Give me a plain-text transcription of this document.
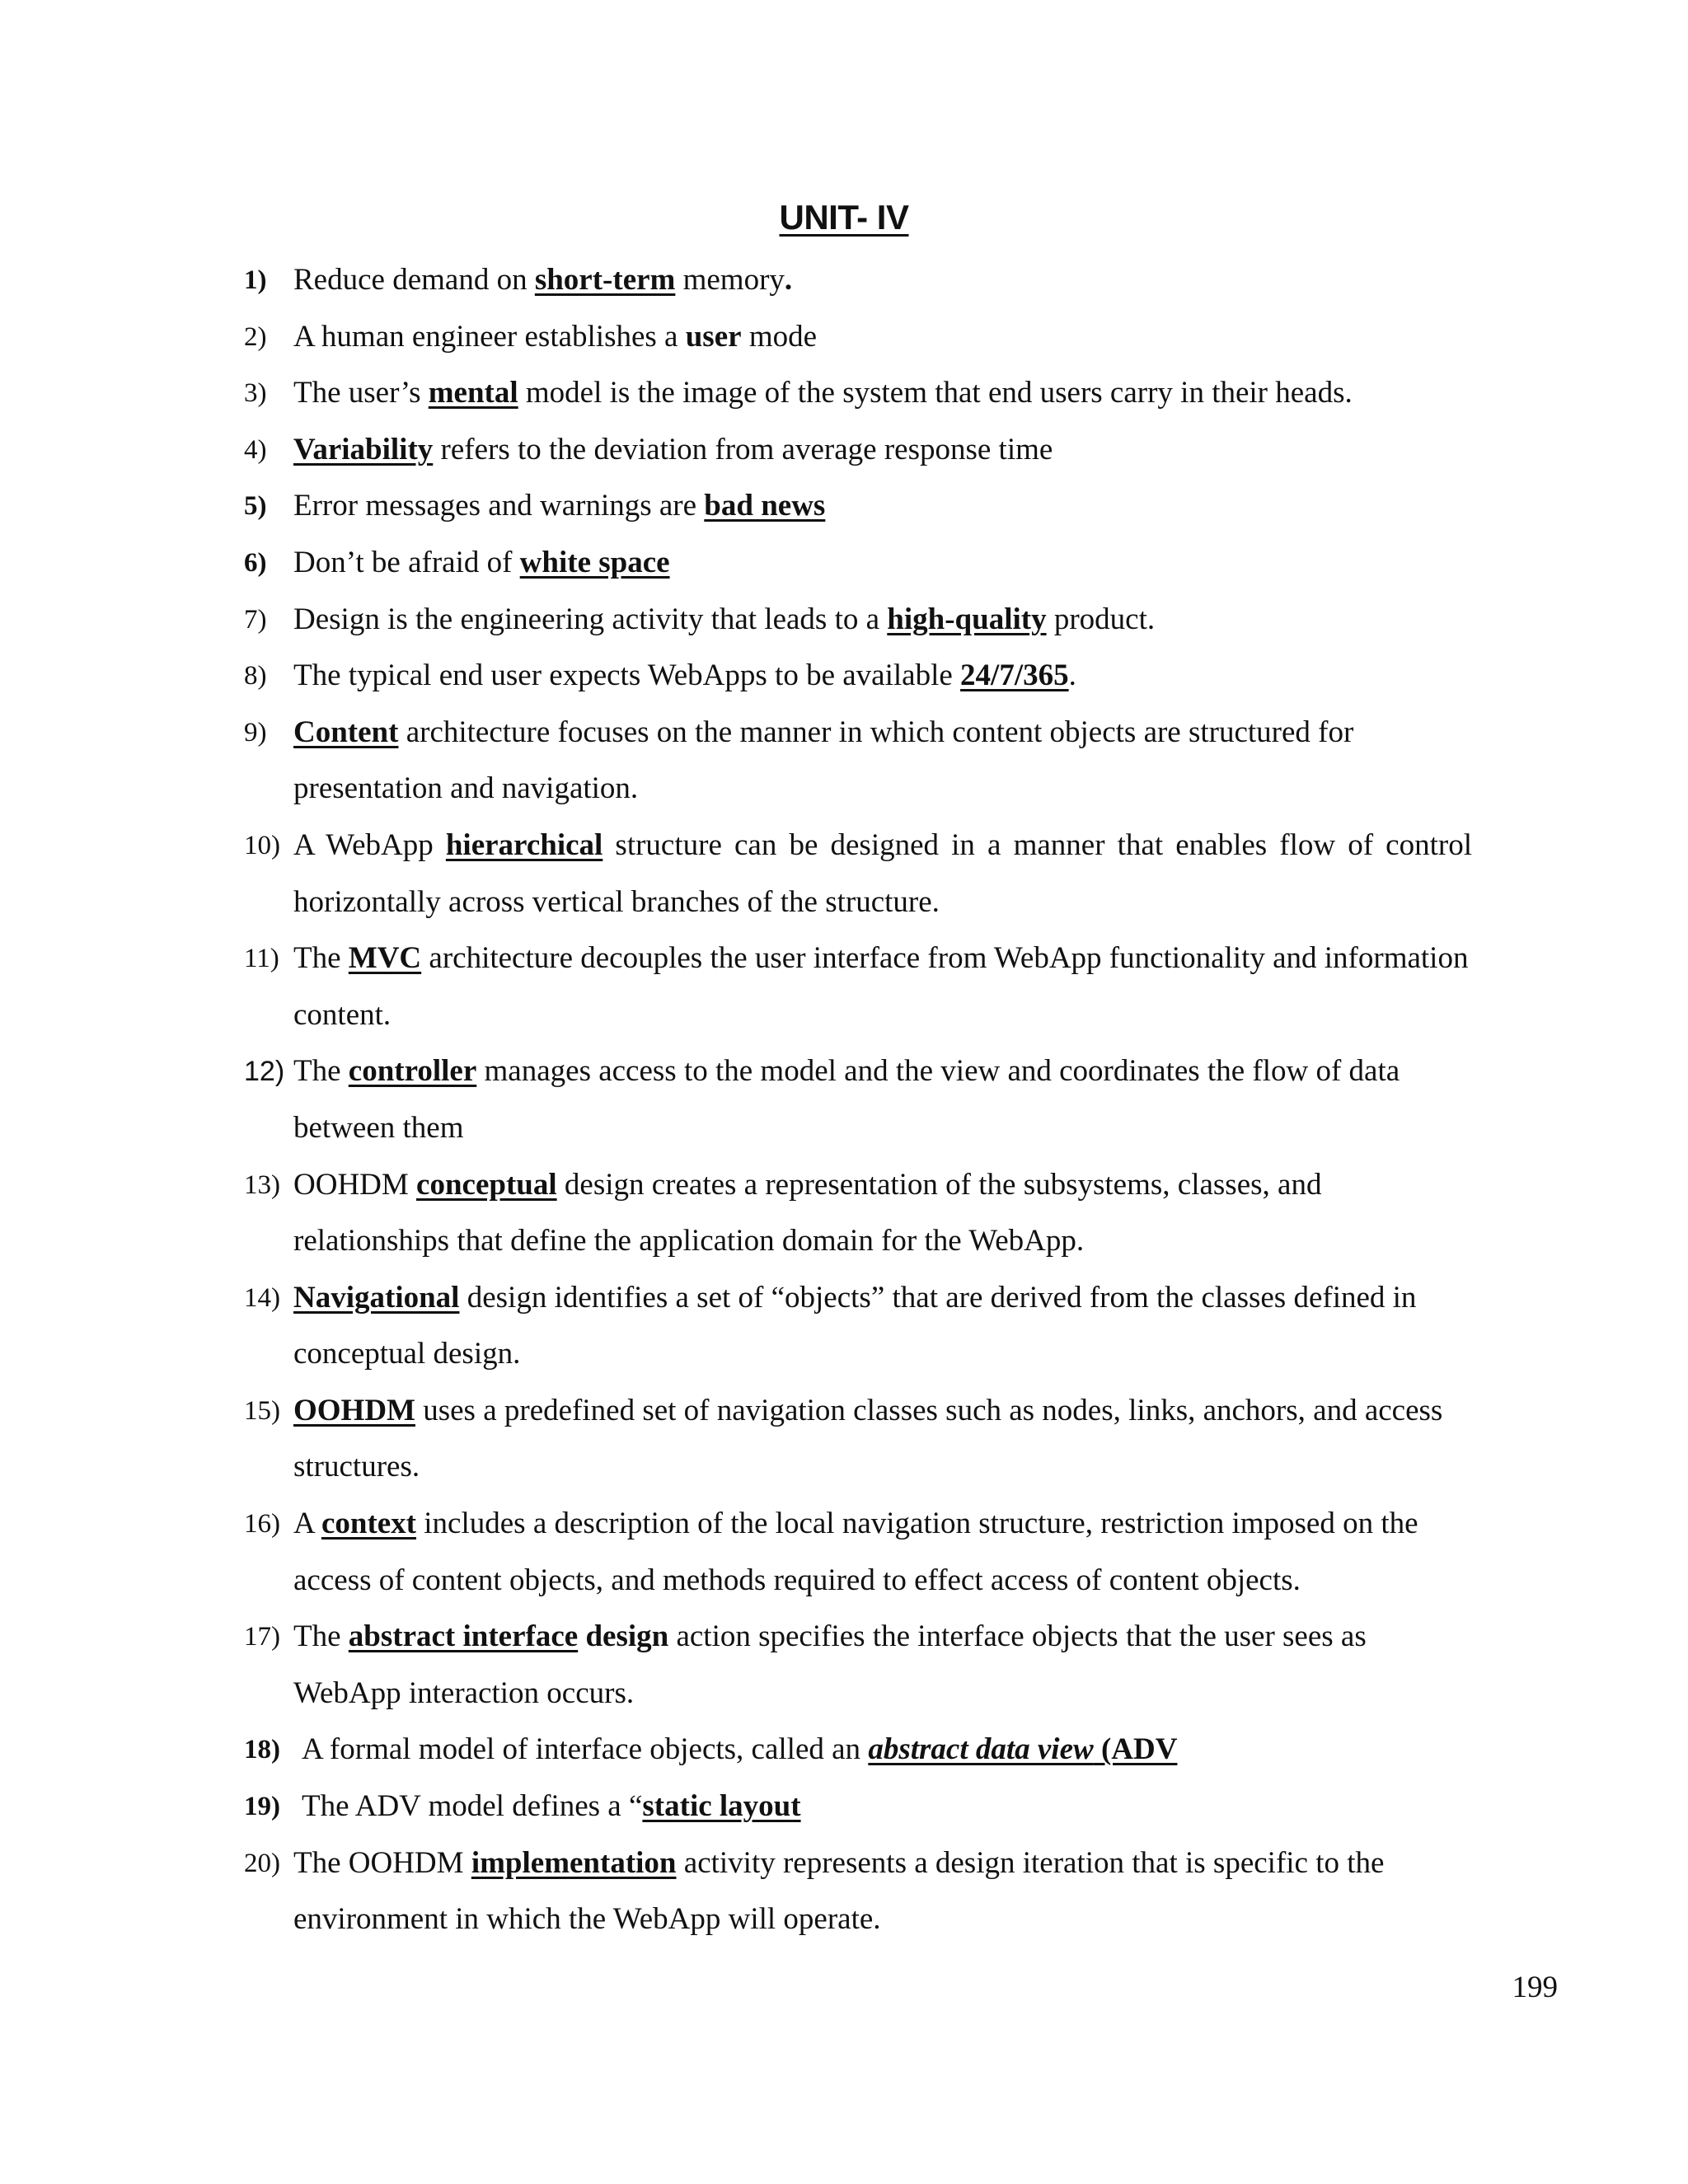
UNIT- IV
1) Reduce demand on short-term memory.
2) A human engineer establishes a user mode
3) The user’s mental model is the image of the system that end users carry in their heads.
4) Variability refers to the deviation from average response time
5) Error messages and warnings are bad news
6) Don’t be afraid of white space
7) Design is the engineering activity that leads to a high-quality product.
8) The typical end user expects WebApps to be available 24/7/365.
9) Content architecture focuses on the manner in which content objects are structured for presentation and navigation.
10) A WebApp hierarchical structure can be designed in a manner that enables flow of control horizontally across vertical branches of the structure.
11) The MVC architecture decouples the user interface from WebApp functionality and information content.
12) The controller manages access to the model and the view and coordinates the flow of data between them
13) OOHDM conceptual design creates a representation of the subsystems, classes, and relationships that define the application domain for the WebApp.
14) Navigational design identifies a set of “objects” that are derived from the classes defined in conceptual design.
15) OOHDM uses a predefined set of navigation classes such as nodes, links, anchors, and access structures.
16) A context includes a description of the local navigation structure, restriction imposed on the access of content objects, and methods required to effect access of content objects.
17) The abstract interface design action specifies the interface objects that the user sees as WebApp interaction occurs.
18) A formal model of interface objects, called an abstract data view (ADV
19) The ADV model defines a “static layout
20) The OOHDM implementation activity represents a design iteration that is specific to the environment in which the WebApp will operate.
199
